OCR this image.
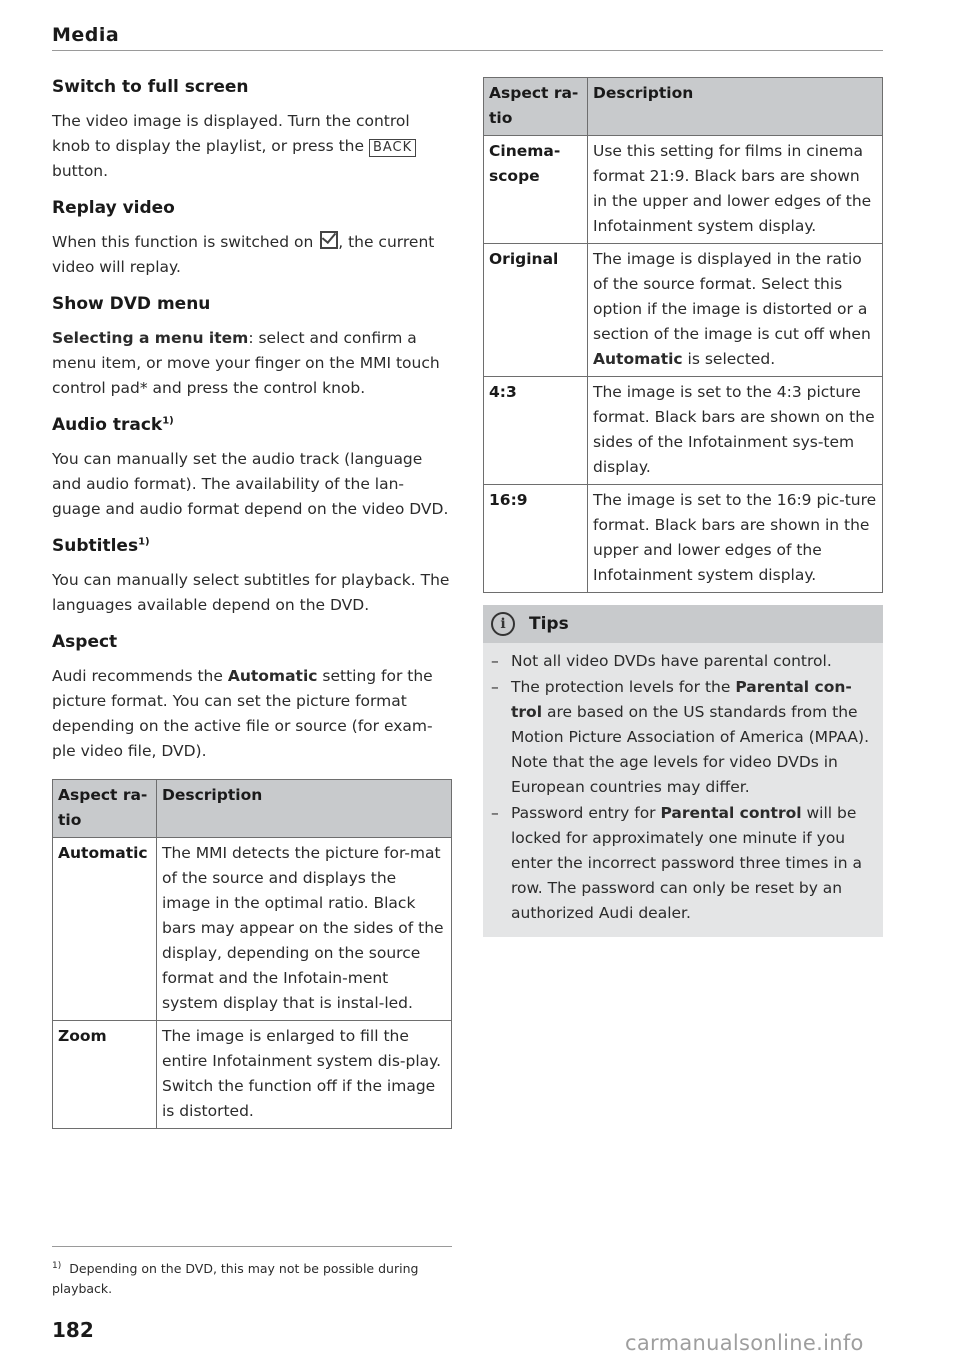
Media
Switch to full screen

The video image is displayed. Turn the control knob to display the playlist, or press the BACK button.

Replay video

When this function is switched on , the current video will replay.

Show DVD menu

Selecting a menu item: select and confirm a menu item, or move your finger on the MMI touch control pad* and press the control knob.

Audio track$^{1)}$

You can manually set the audio track (language and audio format). The availability of the lan-guage and audio format depend on the video DVD.

Subtitles$^{1)}$

You can manually select subtitles for playback. The languages available depend on the DVD.

Aspect

Audi recommends the Automatic setting for the picture format. You can set the picture format depending on the active file or source (for exam-ple video file, DVD).

Aspect ra-tio	Description
Automatic	The MMI detects the picture for-mat of the source and displays the image in the optimal ratio. Black bars may appear on the sides of the display, depending on the source format and the Infotain-ment system display that is instal-led.
Zoom	The image is enlarged to fill the entire Infotainment system dis-play. Switch the function off if the image is distorted.
Aspect ra-tio	Description
Cinema-scope	Use this setting for films in cinema format 21:9. Black bars are shown in the upper and lower edges of the Infotainment system display.
Original	The image is displayed in the ratio of the source format. Select this option if the image is distorted or a section of the image is cut off when Automatic is selected.
4:3	The image is set to the 4:3 picture format. Black bars are shown on the sides of the Infotainment sys-tem display.
16:9	The image is set to the 16:9 pic-ture format. Black bars are shown in the upper and lower edges of the Infotainment system display.
i	Tips
– Not all video DVDs have parental control.
– The protection levels for the Parental con-trol are based on the US standards from the Motion Picture Association of America (MPAA). Note that the age levels for video DVDs in European countries may differ.
– Password entry for Parental control will be locked for approximately one minute if you enter the incorrect password three times in a row. The password can only be reset by an authorized Audi dealer.
$^{1)}$ Depending on the DVD, this may not be possible during playback.
182
carmanualsonline.info
